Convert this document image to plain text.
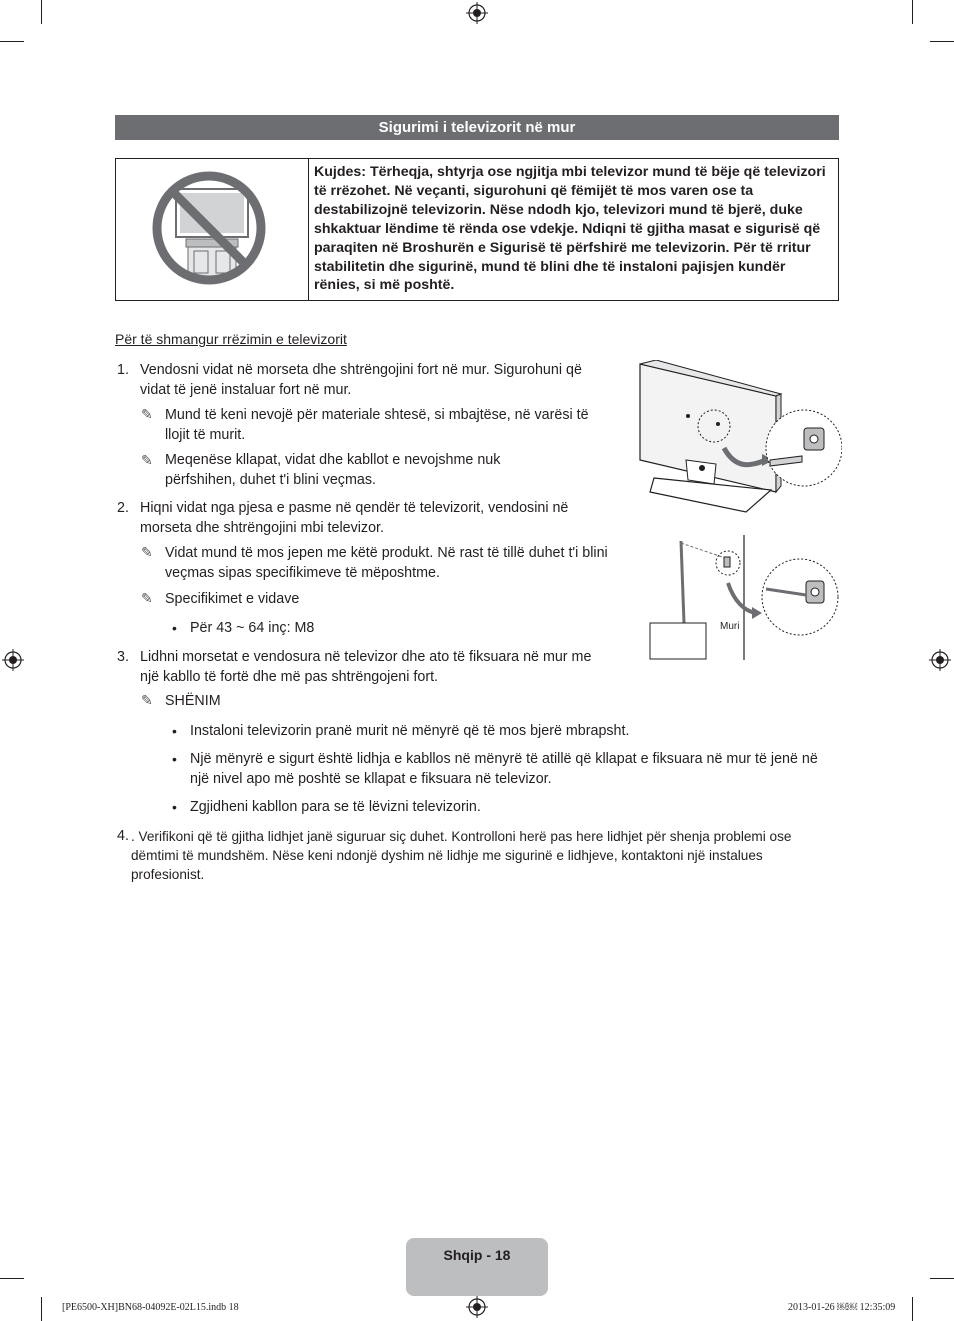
Sigurimi i televizorit në mur
Kujdes: Tërheqja, shtyrja ose ngjitja mbi televizor mund të bëje që televizori të rrëzohet. Në veçanti, sigurohuni që fëmijët të mos varen ose ta destabilizojnë televizorin. Nëse ndodh kjo, televizori mund të bjerë, duke shkaktuar lëndime të rënda ose vdekje. Ndiqni të gjitha masat e sigurisë që paraqiten në Broshurën e Sigurisë të përfshirë me televizorin. Për të rritur stabilitetin dhe sigurinë, mund të blini dhe të instaloni pajisjen kundër rënies, si më poshtë.
Për të shmangur rrëzimin e televizorit
1. Vendosni vidat në morseta dhe shtrëngojini fort në mur. Sigurohuni që vidat të jenë instaluar fort në mur.
✎ Mund të keni nevojë për materiale shtesë, si mbajtëse, në varësi të llojit të murit.
✎ Meqenëse kllapat, vidat dhe kabllot e nevojshme nuk përfshihen, duhet t'i blini veçmas.
2. Hiqni vidat nga pjesa e pasme në qendër të televizorit, vendosini në morseta dhe shtrëngojini mbi televizor.
✎ Vidat mund të mos jepen me këtë produkt. Në rast të tillë duhet t'i blini veçmas sipas specifikimeve të mëposhtme.
✎ Specifikimet e vidave
• Për 43 ~ 64 inç: M8
3. Lidhni morsetat e vendosura në televizor dhe ato të fiksuara në mur me një kabllo të fortë dhe më pas shtrëngojeni fort.
✎ SHËNIM
• Instaloni televizorin pranë murit në mënyrë që të mos bjerë mbrapsht.
• Një mënyrë e sigurt është lidhja e kabllos në mënyrë të atillë që kllapat e fiksuara në mur të jenë në një nivel apo më poshtë se kllapat e fiksuara në televizor.
• Zgjidheni kabllon para se të lëvizni televizorin.
4. . Verifikoni që të gjitha lidhjet janë siguruar siç duhet. Kontrolloni herë pas here lidhjet për shenja problemi ose dëmtimi të mundshëm. Nëse keni ndonjë dyshim në lidhje me sigurinë e lidhjeve, kontaktoni një instalues profesionist.
Muri
Shqip - 18
[PE6500-XH]BN68-04092E-02L15.indb 18	2013-01-26 ￼￼ 12:35:09
